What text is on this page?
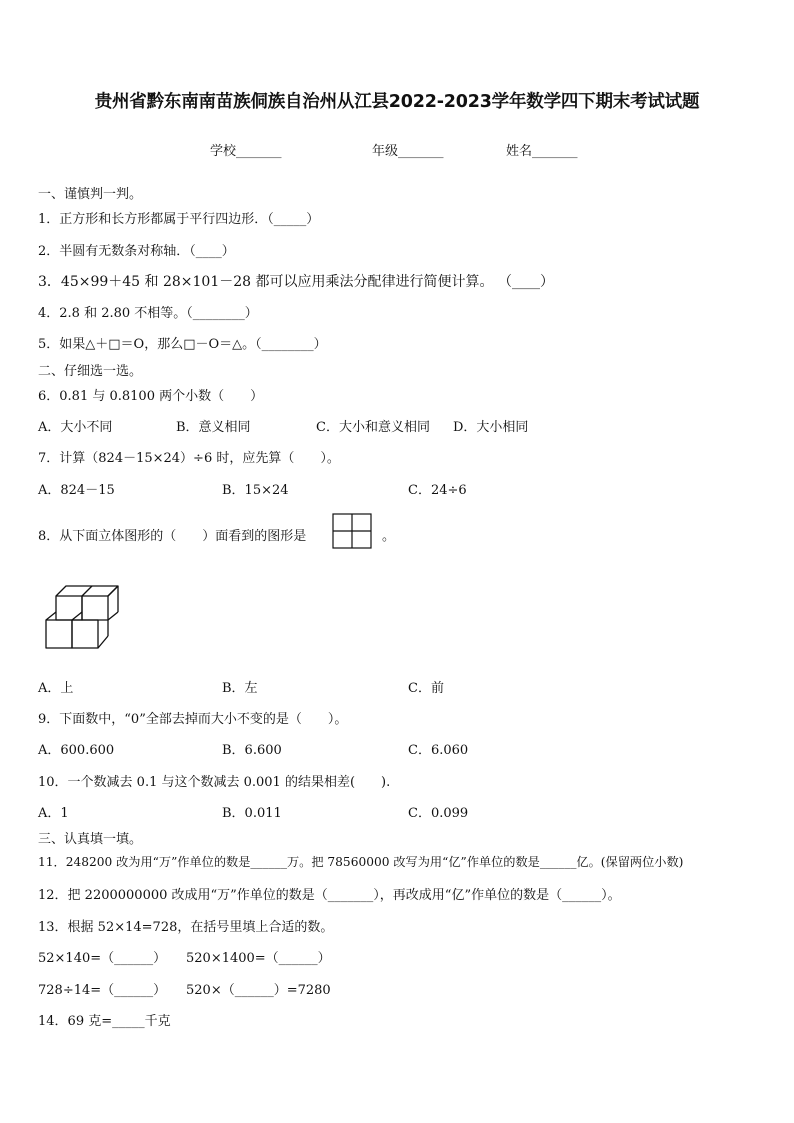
贵州省黔东南南苗族侗族自治州从江县2022-2023学年数学四下期末考试试题
学校_______	年级_______	姓名_______
一、谨慎判一判。
1．正方形和长方形都属于平行四边形．（_____）
2．半圆有无数条对称轴．（____）
3．45×99＋45 和 28×101－28 都可以应用乘法分配律进行简便计算。 （____）
4．2.8 和 2.80 不相等。（________）
5．如果△＋□＝O，那么□－O＝△。（________）
二、仔细选一选。
6．0.81 与 0.8100 两个小数（　　）
A．大小不同	B．意义相同	C．大小和意义相同 D．大小相同
7．计算（824－15×24）÷6 时，应先算（　　）。
A．824－15	B．15×24	C．24÷6
8．从下面立体图形的（　　）面看到的图形是	。
A．上	B．左	C．前
9．下面数中，“0”全部去掉而大小不变的是（　　）。
A．600.600	B．6.600	C．6.060
10．一个数减去 0.1 与这个数减去 0.001 的结果相差(　　).
A．1	B．0.011	C．0.099
三、认真填一填。
11．248200 改为用“万”作单位的数是______万。把 78560000 改写为用“亿”作单位的数是______亿。(保留两位小数)
12．把 2200000000 改成用“万”作单位的数是（_______），再改成用“亿”作单位的数是（______）。
13．根据 52×14=728，在括号里填上合适的数。
52×140=（______） 520×1400=（______）
728÷14=（______） 520×（______）=7280
14．69 克=_____千克
